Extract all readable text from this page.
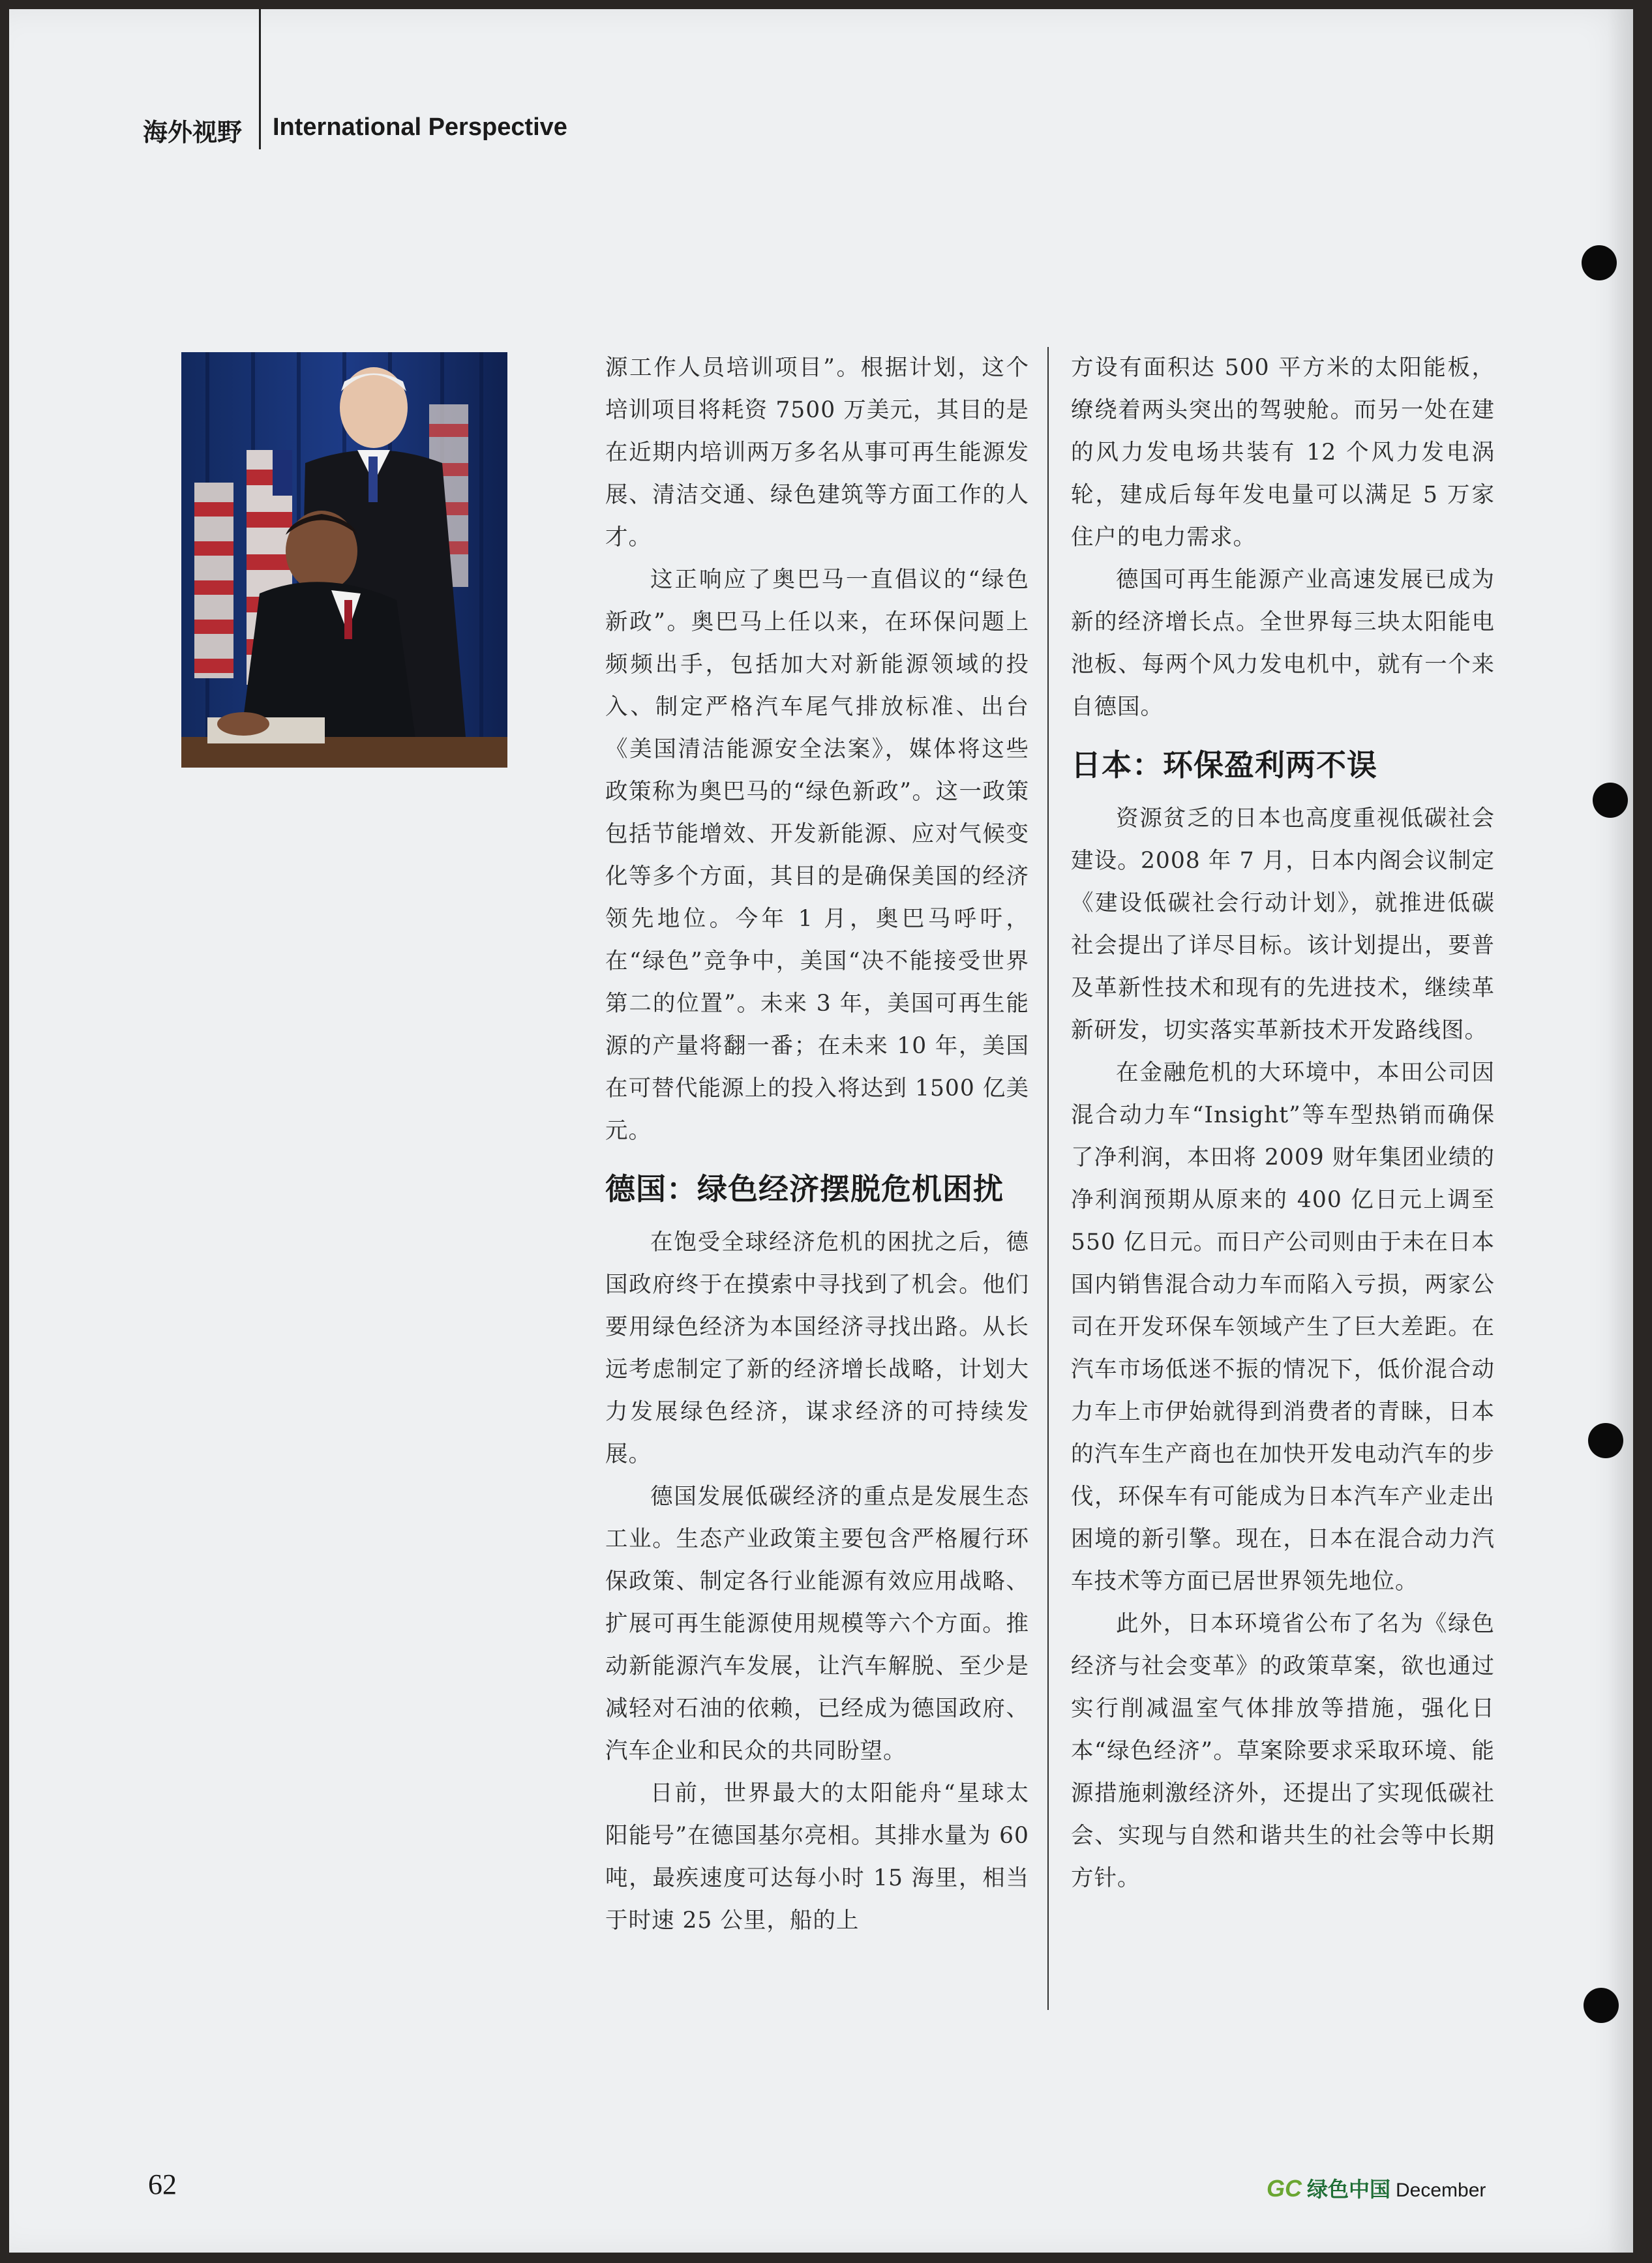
海外视野 International Perspective

源工作人员培训项目”。根据计划，这个培训项目将耗资 7500 万美元，其目的是在近期内培训两万多名从事可再生能源发展、清洁交通、绿色建筑等方面工作的人才。

这正响应了奥巴马一直倡议的“绿色新政”。奥巴马上任以来，在环保问题上频频出手，包括加大对新能源领域的投入、制定严格汽车尾气排放标准、出台《美国清洁能源安全法案》，媒体将这些政策称为奥巴马的“绿色新政”。这一政策包括节能增效、开发新能源、应对气候变化等多个方面，其目的是确保美国的经济领先地位。今年 1 月，奥巴马呼吁，在“绿色”竞争中，美国“决不能接受世界第二的位置”。未来 3 年，美国可再生能源的产量将翻一番；在未来 10 年，美国在可替代能源上的投入将达到 1500 亿美元。

德国：绿色经济摆脱危机困扰

在饱受全球经济危机的困扰之后，德国政府终于在摸索中寻找到了机会。他们要用绿色经济为本国经济寻找出路。从长远考虑制定了新的经济增长战略，计划大力发展绿色经济，谋求经济的可持续发展。

德国发展低碳经济的重点是发展生态工业。生态产业政策主要包含严格履行环保政策、制定各行业能源有效应用战略、扩展可再生能源使用规模等六个方面。推动新能源汽车发展，让汽车解脱、至少是减轻对石油的依赖，已经成为德国政府、汽车企业和民众的共同盼望。

日前，世界最大的太阳能舟“星球太阳能号”在德国基尔亮相。其排水量为 60 吨，最疾速度可达每小时 15 海里，相当于时速 25 公里，船的上

方设有面积达 500 平方米的太阳能板，缭绕着两头突出的驾驶舱。而另一处在建的风力发电场共装有 12 个风力发电涡轮，建成后每年发电量可以满足 5 万家住户的电力需求。

德国可再生能源产业高速发展已成为新的经济增长点。全世界每三块太阳能电池板、每两个风力发电机中，就有一个来自德国。

日本：环保盈利两不误

资源贫乏的日本也高度重视低碳社会建设。2008 年 7 月，日本内阁会议制定《建设低碳社会行动计划》，就推进低碳社会提出了详尽目标。该计划提出，要普及革新性技术和现有的先进技术，继续革新研发，切实落实革新技术开发路线图。

在金融危机的大环境中，本田公司因混合动力车“Insight”等车型热销而确保了净利润，本田将 2009 财年集团业绩的净利润预期从原来的 400 亿日元上调至 550 亿日元。而日产公司则由于未在日本国内销售混合动力车而陷入亏损，两家公司在开发环保车领域产生了巨大差距。在汽车市场低迷不振的情况下，低价混合动力车上市伊始就得到消费者的青睐，日本的汽车生产商也在加快开发电动汽车的步伐，环保车有可能成为日本汽车产业走出困境的新引擎。现在，日本在混合动力汽车技术等方面已居世界领先地位。

此外，日本环境省公布了名为《绿色经济与社会变革》的政策草案，欲也通过实行削减温室气体排放等措施，强化日本“绿色经济”。草案除要求采取环境、能源措施刺激经济外，还提出了实现低碳社会、实现与自然和谐共生的社会等中长期方针。

62	GC 绿色中国 December
